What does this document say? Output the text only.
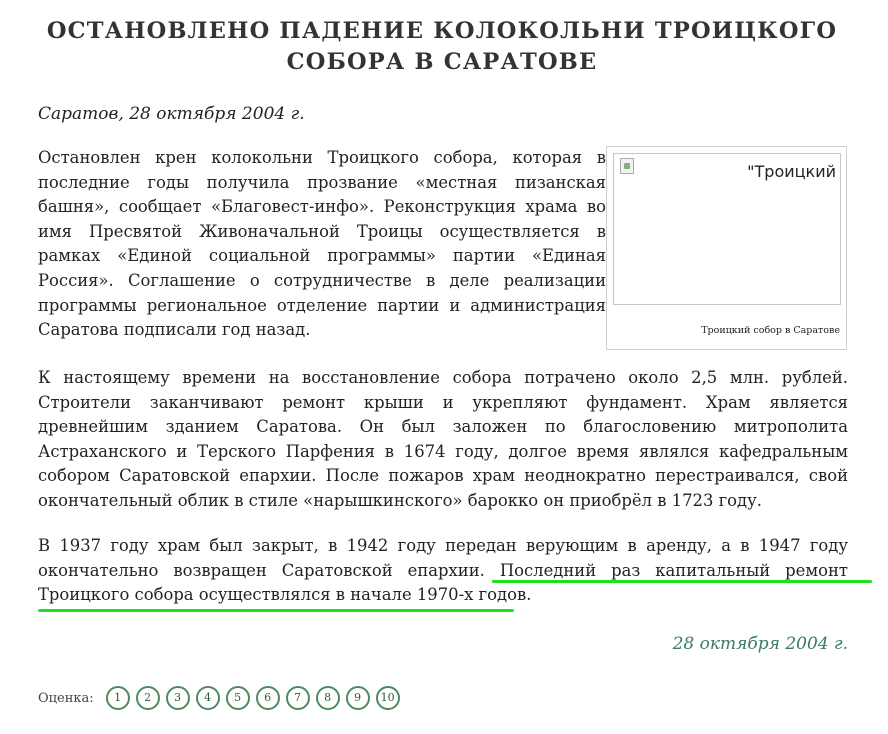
ОСТАНОВЛЕНО ПАДЕНИЕ КОЛОКОЛЬНИ ТРОИЦКОГО СОБОРА В САРАТОВЕ
Саратов, 28 октября 2004 г.

Остановлен крен колокольни Троицкого собора, которая в последние годы получила прозвание «местная пизанская башня», сообщает «Благовест-инфо». Реконструкция храма во имя Пресвятой Живоначальной Троицы осуществляется в рамках «Единой социальной программы» партии «Единая Россия». Соглашение о сотрудничестве в деле реализации программы региональное отделение партии и администрация Саратова подписали год назад.

"Троицкий
Троицкий собор в Саратове

К настоящему времени на восстановление собора потрачено около 2,5 млн. рублей. Строители заканчивают ремонт крыши и укрепляют фундамент. Храм является древнейшим зданием Саратова. Он был заложен по благословению митрополита Астраханского и Терского Парфения в 1674 году, долгое время являлся кафедральным собором Саратовской епархии. После пожаров храм неоднократно перестраивался, свой окончательный облик в стиле «нарышкинского» барокко он приобрёл в 1723 году.

В 1937 году храм был закрыт, в 1942 году передан верующим в аренду, а в 1947 году окончательно возвращен Саратовской епархии. Последний раз капитальный ремонт Троицкого собора осуществлялся в начале 1970-х годов.

28 октября 2004 г.
Оценка:	1	2	3	4	5	6	7	8	9	10
